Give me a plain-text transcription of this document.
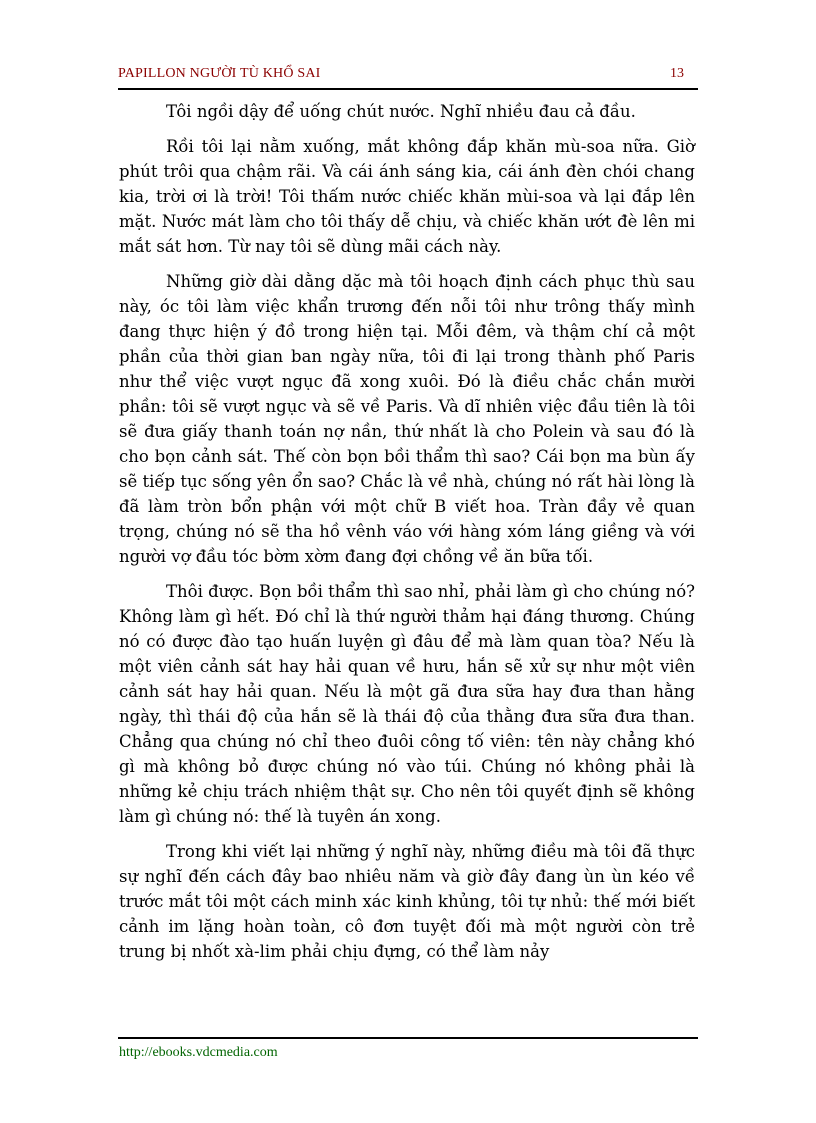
PAPILLON NGƯỜI TÙ KHỔ SAI	13

Tôi ngồi dậy để uống chút nước. Nghĩ nhiều đau cả đầu.

Rồi tôi lại nằm xuống, mắt không đắp khăn mù-soa nữa. Giờ phút trôi qua chậm rãi. Và cái ánh sáng kia, cái ánh đèn chói chang kia, trời ơi là trời! Tôi thấm nước chiếc khăn mùi-soa và lại đắp lên mặt. Nước mát làm cho tôi thấy dễ chịu, và chiếc khăn ướt đè lên mi mắt sát hơn. Từ nay tôi sẽ dùng mãi cách này.

Những giờ dài dằng dặc mà tôi hoạch định cách phục thù sau này, óc tôi làm việc khẩn trương đến nỗi tôi như trông thấy mình đang thực hiện ý đồ trong hiện tại. Mỗi đêm, và thậm chí cả một phần của thời gian ban ngày nữa, tôi đi lại trong thành phố Paris như thể việc vượt ngục đã xong xuôi. Đó là điều chắc chắn mười phần: tôi sẽ vượt ngục và sẽ về Paris. Và dĩ nhiên việc đầu tiên là tôi sẽ đưa giấy thanh toán nợ nần, thứ nhất là cho Polein và sau đó là cho bọn cảnh sát. Thế còn bọn bồi thẩm thì sao? Cái bọn ma bùn ấy sẽ tiếp tục sống yên ổn sao? Chắc là về nhà, chúng nó rất hài lòng là đã làm tròn bổn phận với một chữ B viết hoa. Tràn đầy vẻ quan trọng, chúng nó sẽ tha hồ vênh váo với hàng xóm láng giềng và với người vợ đầu tóc bờm xờm đang đợi chồng về ăn bữa tối.

Thôi được. Bọn bồi thẩm thì sao nhỉ, phải làm gì cho chúng nó? Không làm gì hết. Đó chỉ là thứ người thảm hại đáng thương. Chúng nó có được đào tạo huấn luyện gì đâu để mà làm quan tòa? Nếu là một viên cảnh sát hay hải quan về hưu, hắn sẽ xử sự như một viên cảnh sát hay hải quan. Nếu là một gã đưa sữa hay đưa than hằng ngày, thì thái độ của hắn sẽ là thái độ của thằng đưa sữa đưa than. Chẳng qua chúng nó chỉ theo đuôi công tố viên: tên này chẳng khó gì mà không bỏ được chúng nó vào túi. Chúng nó không phải là những kẻ chịu trách nhiệm thật sự. Cho nên tôi quyết định sẽ không làm gì chúng nó: thế là tuyên án xong.

Trong khi viết lại những ý nghĩ này, những điều mà tôi đã thực sự nghĩ đến cách đây bao nhiêu năm và giờ đây đang ùn ùn kéo về trước mắt tôi một cách minh xác kinh khủng, tôi tự nhủ: thế mới biết cảnh im lặng hoàn toàn, cô đơn tuyệt đối mà một người còn trẻ trung bị nhốt xà-lim phải chịu đựng, có thể làm nảy

http://ebooks.vdcmedia.com
